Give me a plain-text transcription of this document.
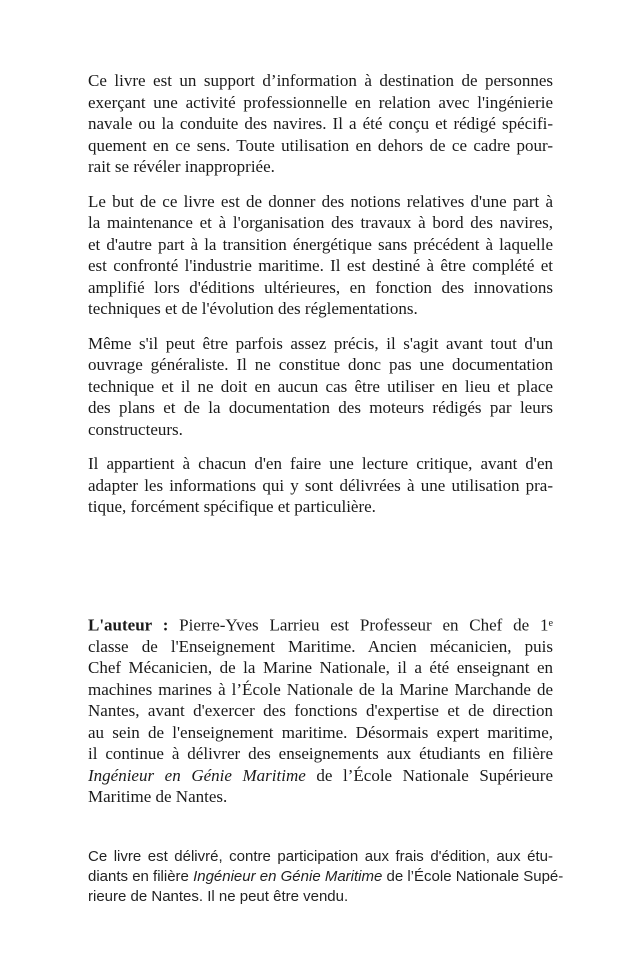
Ce livre est un support d’information à destination de personnes
exerçant une activité professionnelle en relation avec l'ingénierie
navale ou la conduite des navires. Il a été conçu et rédigé spécifi-
quement en ce sens. Toute utilisation en dehors de ce cadre pour-
rait se révéler inappropriée.
Le but de ce livre est de donner des notions relatives d'une part à
la maintenance et à l'organisation des travaux à bord des navires,
et d'autre part à la transition énergétique sans précédent à laquelle
est confronté l'industrie maritime. Il est destiné à être complété et
amplifié lors d'éditions ultérieures, en fonction des innovations
techniques et de l'évolution des réglementations.
Même s'il peut être parfois assez précis, il s'agit avant tout d'un
ouvrage généraliste. Il ne constitue donc pas une documentation
technique et il ne doit en aucun cas être utiliser en lieu et place
des plans et de la documentation des moteurs rédigés par leurs
constructeurs.
Il appartient à chacun d'en faire une lecture critique, avant d'en
adapter les informations qui y sont délivrées à une utilisation pra-
tique, forcément spécifique et particulière.
L'auteur : Pierre-Yves Larrieu est Professeur en Chef de 1e
classe de l'Enseignement Maritime. Ancien mécanicien, puis
Chef Mécanicien, de la Marine Nationale, il a été enseignant en
machines marines à l’École Nationale de la Marine Marchande de
Nantes, avant d'exercer des fonctions d'expertise et de direction
au sein de l'enseignement maritime. Désormais expert maritime,
il continue à délivrer des enseignements aux étudiants en filière
Ingénieur en Génie Maritime de l’École Nationale Supérieure
Maritime de Nantes.
Ce livre est délivré, contre participation aux frais d'édition, aux étu-
diants en filière Ingénieur en Génie Maritime de l’École Nationale Supé-
rieure de Nantes. Il ne peut être vendu.
